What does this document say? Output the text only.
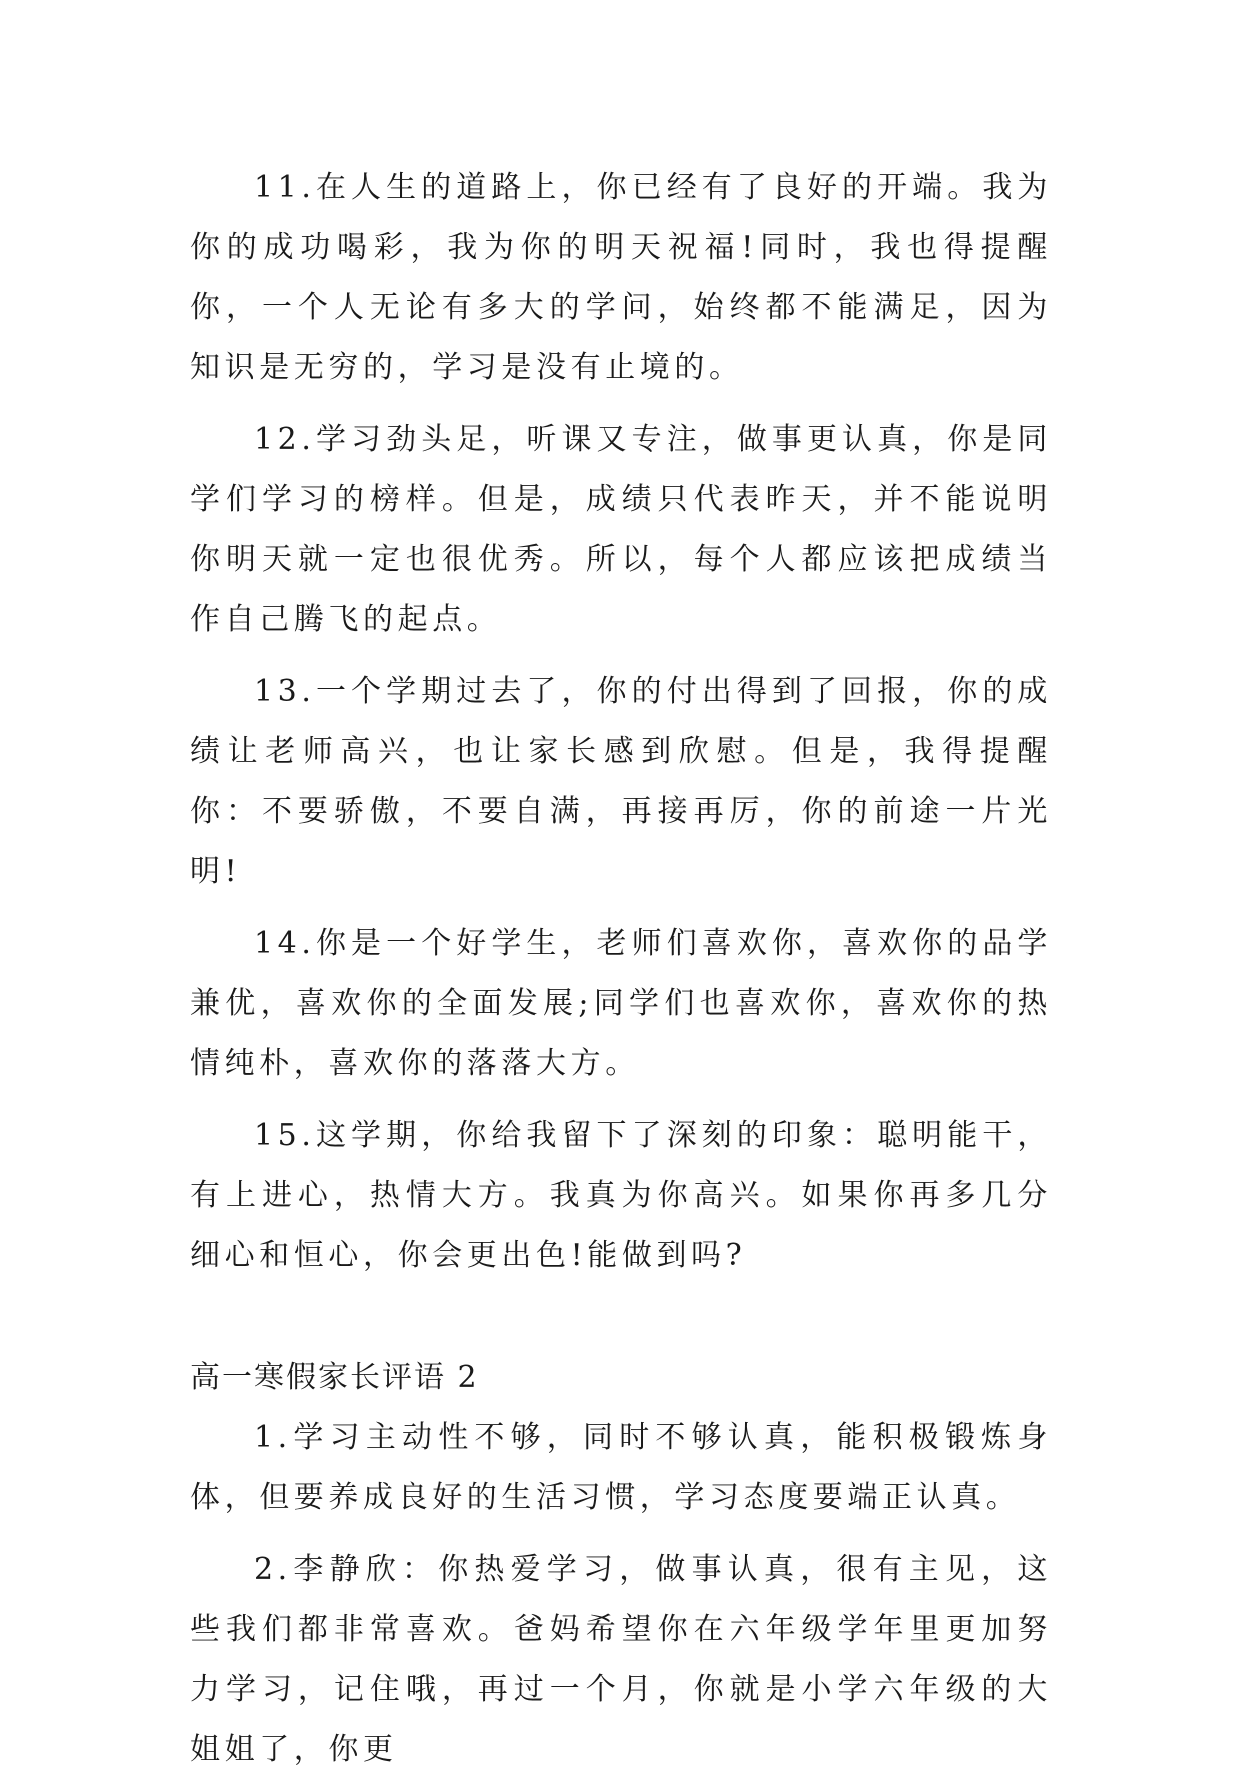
11.在人生的道路上，你已经有了良好的开端。我为你的成功喝彩，我为你的明天祝福!同时，我也得提醒你，一个人无论有多大的学问，始终都不能满足，因为知识是无穷的，学习是没有止境的。

12.学习劲头足，听课又专注，做事更认真，你是同学们学习的榜样。但是，成绩只代表昨天，并不能说明你明天就一定也很优秀。所以，每个人都应该把成绩当作自己腾飞的起点。

13.一个学期过去了，你的付出得到了回报，你的成绩让老师高兴，也让家长感到欣慰。但是，我得提醒你：不要骄傲，不要自满，再接再厉，你的前途一片光明!

14.你是一个好学生，老师们喜欢你，喜欢你的品学兼优，喜欢你的全面发展;同学们也喜欢你，喜欢你的热情纯朴，喜欢你的落落大方。

15.这学期，你给我留下了深刻的印象：聪明能干，有上进心，热情大方。我真为你高兴。如果你再多几分细心和恒心，你会更出色!能做到吗?

高一寒假家长评语 2

1.学习主动性不够，同时不够认真，能积极锻炼身体，但要养成良好的生活习惯，学习态度要端正认真。

2.李静欣：你热爱学习，做事认真，很有主见，这些我们都非常喜欢。爸妈希望你在六年级学年里更加努力学习，记住哦，再过一个月，你就是小学六年级的大姐姐了，你更
